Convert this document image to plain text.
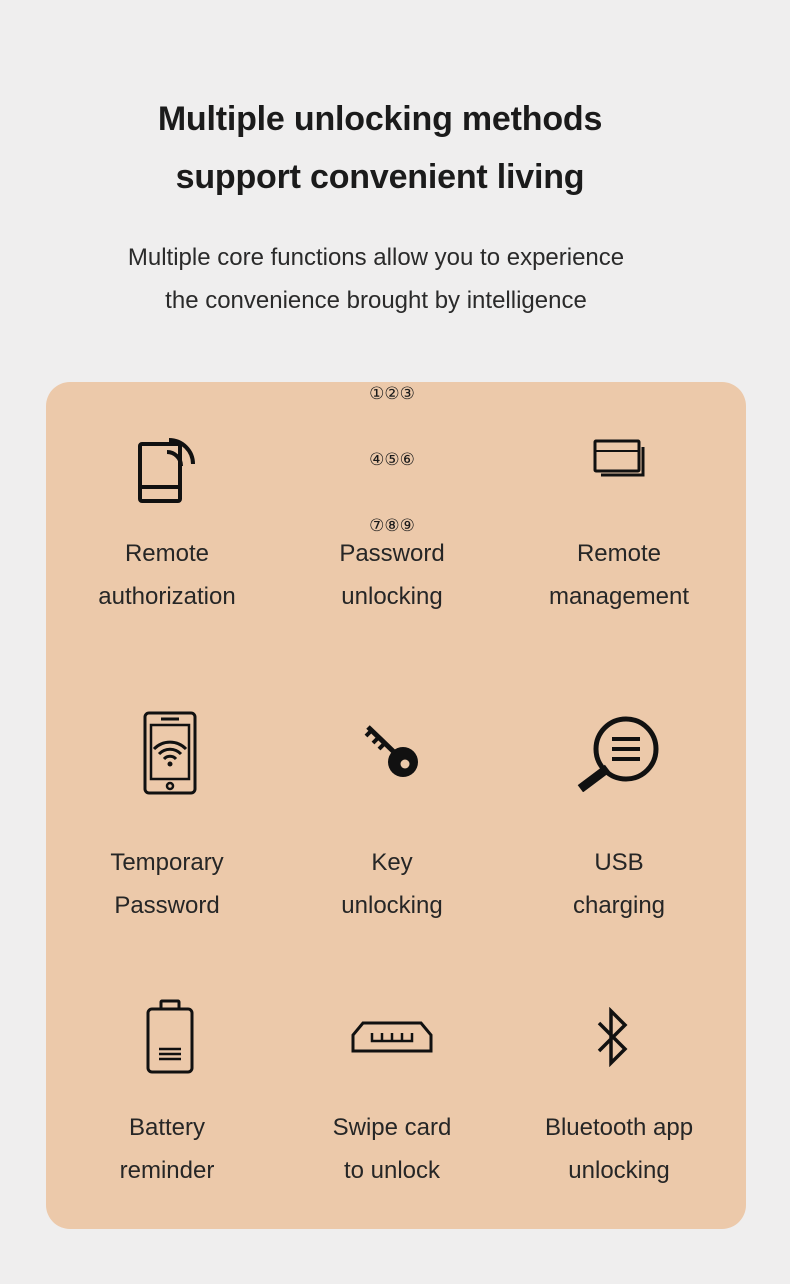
Multiple unlocking methods
support convenient living
Multiple core functions allow you to experience
the convenience brought by intelligence
Remote
authorization

①②③

④⑤⑥

⑦⑧⑨

Password
unlocking
Remote
management
Temporary
Password
Key
unlocking
USB
charging
Battery
reminder
Swipe card
to unlock
Bluetooth app
unlocking
